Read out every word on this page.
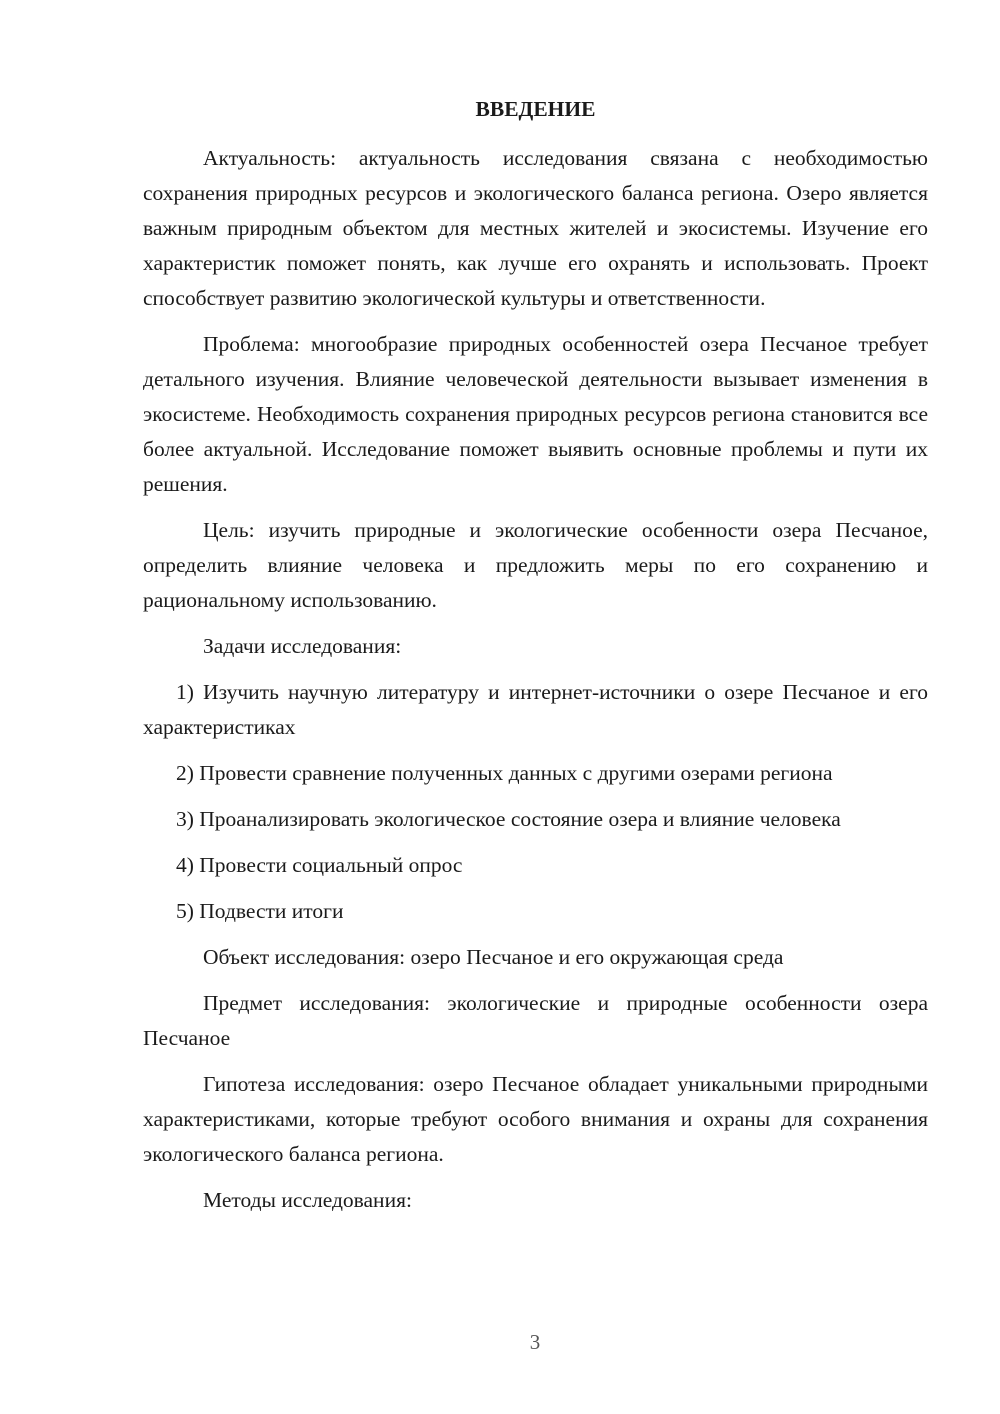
ВВЕДЕНИЕ

Актуальность: актуальность исследования связана с необходимостью сохранения природных ресурсов и экологического баланса региона. Озеро является важным природным объектом для местных жителей и экосистемы. Изучение его характеристик поможет понять, как лучше его охранять и использовать. Проект способствует развитию экологической культуры и ответственности.

Проблема: многообразие природных особенностей озера Песчаное требует детального изучения. Влияние человеческой деятельности вызывает изменения в экосистеме. Необходимость сохранения природных ресурсов региона становится все более актуальной. Исследование поможет выявить основные проблемы и пути их решения.

Цель: изучить природные и экологические особенности озера Песчаное, определить влияние человека и предложить меры по его сохранению и рациональному использованию.

Задачи исследования:

1) Изучить научную литературу и интернет-источники о озере Песчаное и его характеристиках

2) Провести сравнение полученных данных с другими озерами региона

3) Проанализировать экологическое состояние озера и влияние человека

4) Провести социальный опрос

5) Подвести итоги

Объект исследования: озеро Песчаное и его окружающая среда

Предмет исследования: экологические и природные особенности озера Песчаное

Гипотеза исследования: озеро Песчаное обладает уникальными природными характеристиками, которые требуют особого внимания и охраны для сохранения экологического баланса региона.

Методы исследования:

3
